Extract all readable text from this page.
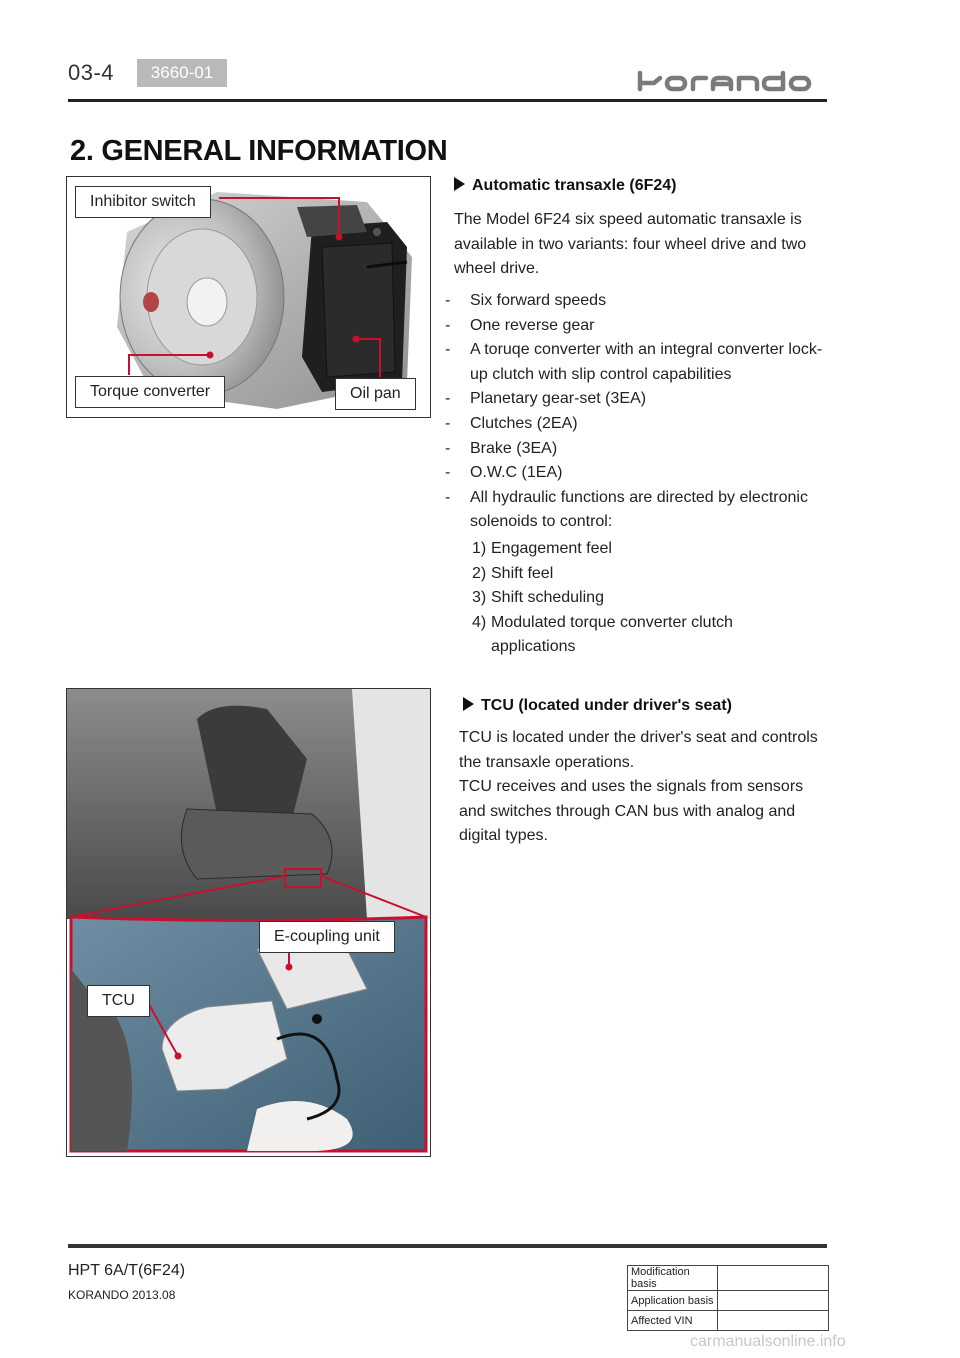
03-4	3660-01
2. GENERAL INFORMATION
Inhibitor switch
Torque converter	Oil pan
Automatic transaxle (6F24)
The Model 6F24 six speed automatic transaxle is available in two variants: four wheel drive and two wheel drive.
- Six forward speeds
- One reverse gear
- A toruqe converter with an integral converter lock-up clutch with slip control capabilities
- Planetary gear-set (3EA)
- Clutches (2EA)
- Brake (3EA)
- O.W.C (1EA)
- All hydraulic functions are directed by electronic solenoids to control:
1) Engagement feel
2) Shift feel
3) Shift scheduling
4) Modulated torque converter clutch applications
E-coupling unit
TCU
TCU (located under driver's seat)
TCU is located under the driver's seat and controls the transaxle operations.
TCU receives and uses the signals from sensors and switches through CAN bus with analog and digital types.
HPT 6A/T(6F24)
KORANDO 2013.08
Modification basis	
Application basis	
Affected VIN	
carmanualsonline.info
